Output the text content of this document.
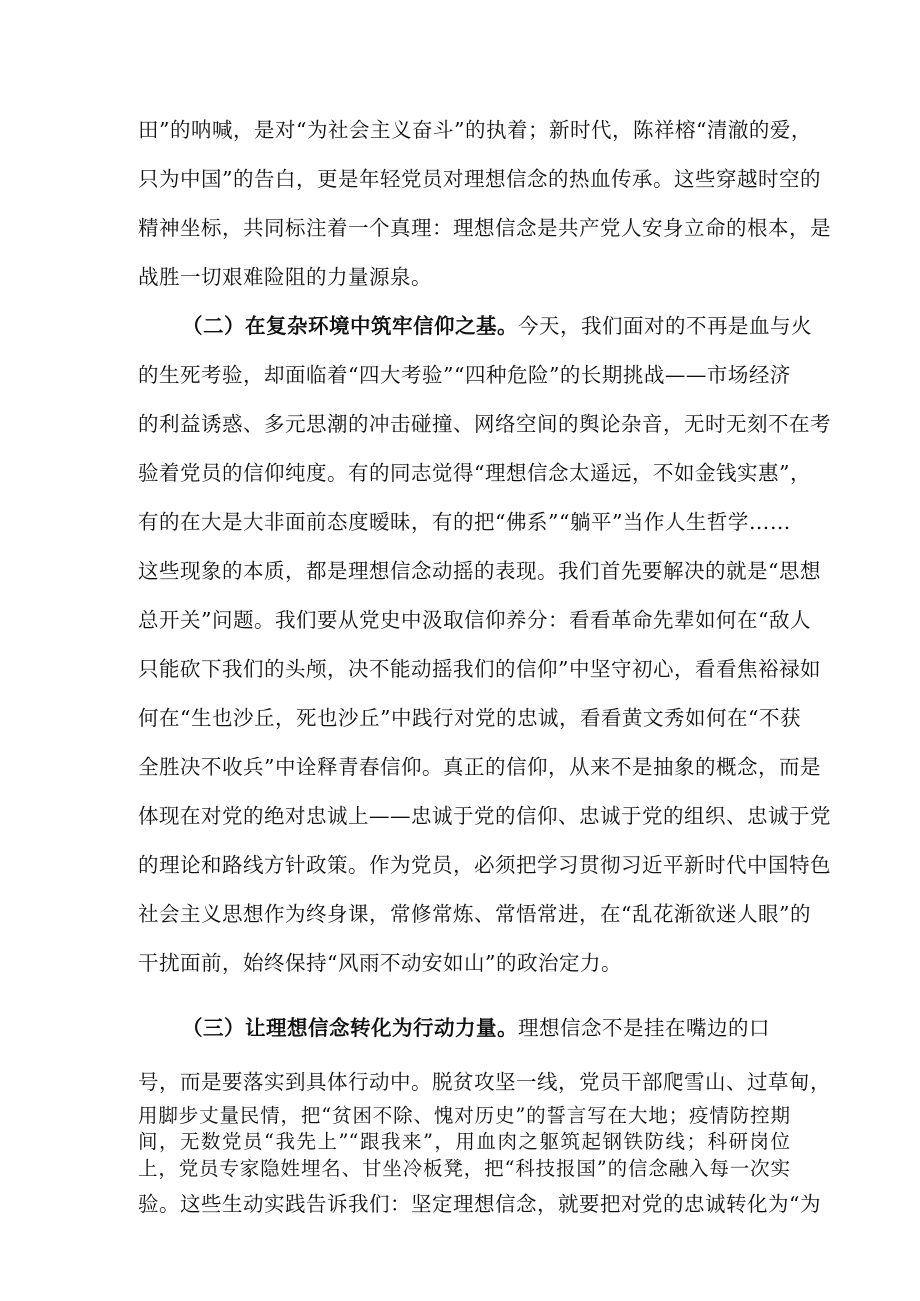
田”的呐喊，是对“为社会主义奋斗”的执着；新时代，陈祥榕“清澈的爱，
只为中国”的告白，更是年轻党员对理想信念的热血传承。这些穿越时空的
精神坐标，共同标注着一个真理：理想信念是共产党人安身立命的根本，是
战胜一切艰难险阻的力量源泉。
（二）在复杂环境中筑牢信仰之基。今天，我们面对的不再是血与火
的生死考验，却面临着“四大考验”“四种危险”的长期挑战——市场经济
的利益诱惑、多元思潮的冲击碰撞、网络空间的舆论杂音，无时无刻不在考
验着党员的信仰纯度。有的同志觉得“理想信念太遥远，不如金钱实惠”，
有的在大是大非面前态度暧昧，有的把“佛系”“躺平”当作人生哲学……
这些现象的本质，都是理想信念动摇的表现。我们首先要解决的就是“思想
总开关”问题。我们要从党史中汲取信仰养分：看看革命先辈如何在“敌人
只能砍下我们的头颅，决不能动摇我们的信仰”中坚守初心，看看焦裕禄如
何在“生也沙丘，死也沙丘”中践行对党的忠诚，看看黄文秀如何在“不获
全胜决不收兵”中诠释青春信仰。真正的信仰，从来不是抽象的概念，而是
体现在对党的绝对忠诚上——忠诚于党的信仰、忠诚于党的组织、忠诚于党
的理论和路线方针政策。作为党员，必须把学习贯彻习近平新时代中国特色
社会主义思想作为终身课，常修常炼、常悟常进，在“乱花渐欲迷人眼”的
干扰面前，始终保持“风雨不动安如山”的政治定力。
（三）让理想信念转化为行动力量。理想信念不是挂在嘴边的口
号，而是要落实到具体行动中。脱贫攻坚一线，党员干部爬雪山、过草甸，
用脚步丈量民情，把“贫困不除、愧对历史”的誓言写在大地；疫情防控期
间，无数党员“我先上”“跟我来”，用血肉之躯筑起钢铁防线；科研岗位
上，党员专家隐姓埋名、甘坐冷板凳，把“科技报国”的信念融入每一次实
验。这些生动实践告诉我们：坚定理想信念，就要把对党的忠诚转化为“为
